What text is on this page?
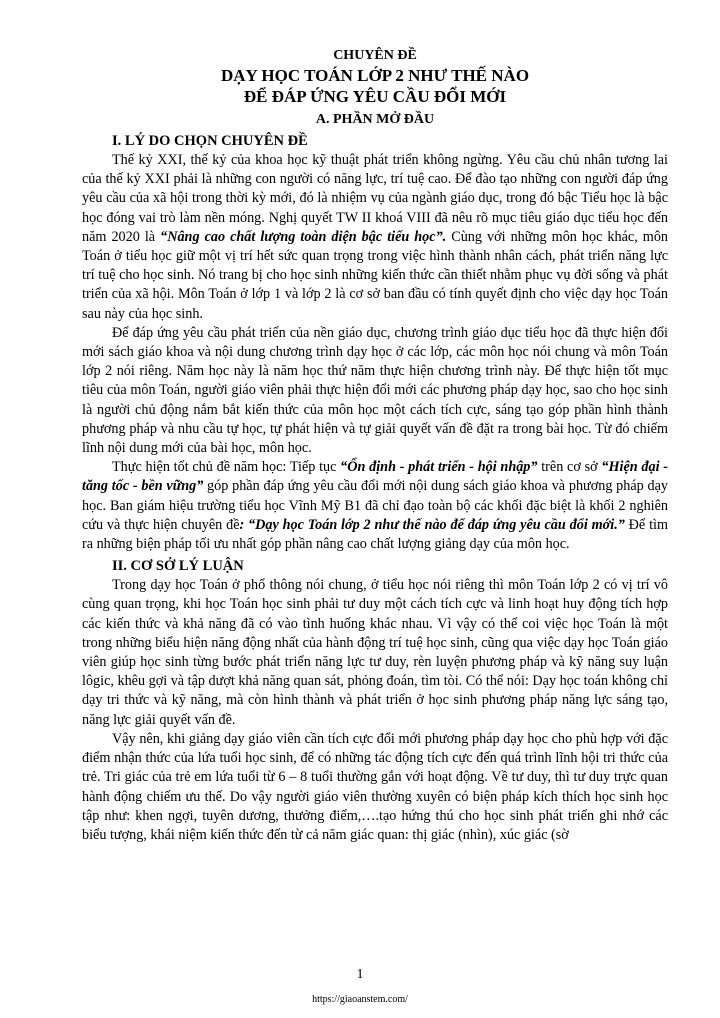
CHUYÊN ĐỀ
DẠY HỌC TOÁN LỚP 2 NHƯ THẾ NÀO
ĐỂ ĐÁP ỨNG YÊU CẦU ĐỔI MỚI
A. PHẦN MỞ ĐẦU
I. LÝ DO CHỌN CHUYÊN ĐỀ

Thế kỷ XXI, thế kỷ của khoa học kỹ thuật phát triển không ngừng. Yêu cầu chủ nhân tương lai của thế kỷ XXI phải là những con người có năng lực, trí tuệ cao. Để đào tạo những con người đáp ứng yêu cầu của xã hội trong thời kỳ mới, đó là nhiệm vụ của ngành giáo dục, trong đó bậc Tiểu học là bậc học đóng vai trò làm nền móng. Nghị quyết TW II khoá VIII đã nêu rõ mục tiêu giáo dục tiểu học đến năm 2020 là “Nâng cao chất lượng toàn diện bậc tiểu học”. Cùng với những môn học khác, môn Toán ở tiểu học giữ một vị trí hết sức quan trọng trong việc hình thành nhân cách, phát triển năng lực trí tuệ cho học sinh. Nó trang bị cho học sinh những kiến thức cần thiết nhằm phục vụ đời sống và phát triển của xã hội. Môn Toán ở lớp 1 và lớp 2 là cơ sở ban đầu có tính quyết định cho việc dạy học Toán sau này của học sinh.

Để đáp ứng yêu cầu phát triển của nền giáo dục, chương trình giáo dục tiểu học đã thực hiện đổi mới sách giáo khoa và nội dung chương trình dạy học ở các lớp, các môn học nói chung và môn Toán lớp 2 nói riêng. Năm học này là năm học thứ năm thực hiện chương trình này. Để thực hiện tốt mục tiêu của môn Toán, người giáo viên phải thực hiện đổi mới các phương pháp dạy học, sao cho học sinh là người chủ động nắm bắt kiến thức của môn học một cách tích cực, sáng tạo góp phần hình thành phương pháp và nhu cầu tự học, tự phát hiện và tự giải quyết vấn đề đặt ra trong bài học. Từ đó chiếm lĩnh nội dung mới của bài học, môn học.

Thực hiện tốt chủ đề năm học: Tiếp tục “Ổn định - phát triển - hội nhập” trên cơ sở “Hiện đại - tăng tốc - bền vững” góp phần đáp ứng yêu cầu đổi mới nội dung sách giáo khoa và phương pháp dạy học. Ban giám hiệu trường tiểu học Vĩnh Mỹ B1 đã chỉ đạo toàn bộ các khối đặc biệt là khối 2 nghiên cứu và thực hiện chuyên đề: “Dạy học Toán lớp 2 như thế nào để đáp ứng yêu cầu đổi mới.” Để tìm ra những biện pháp tối ưu nhất góp phần nâng cao chất lượng giảng dạy của môn học.

II. CƠ SỞ LÝ LUẬN

Trong dạy học Toán ở phổ thông nói chung, ở tiểu học nói riêng thì môn Toán lớp 2 có vị trí vô cùng quan trọng, khi học Toán học sinh phải tư duy một cách tích cực và linh hoạt huy động tích hợp các kiến thức và khả năng đã có vào tình huống khác nhau. Vì vậy có thể coi việc học Toán là một trong những biểu hiện năng động nhất của hành động trí tuệ học sinh, cũng qua việc dạy học Toán giáo viên giúp học sinh từng bước phát triển năng lực tư duy, rèn luyện phương pháp và kỹ năng suy luận lôgic, khêu gợi và tập dượt khả năng quan sát, phỏng đoán, tìm tòi. Có thể nói: Dạy học toán không chỉ dạy tri thức và kỹ năng, mà còn hình thành và phát triển ở học sinh phương pháp năng lực sáng tạo, năng lực giải quyết vấn đề.

Vậy nên, khi giảng dạy giáo viên cần tích cực đổi mới phương pháp dạy học cho phù hợp với đặc điểm nhận thức của lứa tuổi học sinh, để có những tác động tích cực đến quá trình lĩnh hội tri thức của trẻ. Tri giác của trẻ em lứa tuổi từ 6 – 8 tuổi thường gắn với hoạt động. Về tư duy, thì tư duy trực quan hành động chiếm ưu thế. Do vậy người giáo viên thường xuyên có biện pháp kích thích học sinh học tập như: khen ngợi, tuyên dương, thưởng điểm,….tạo hứng thú cho học sinh phát triển ghi nhớ các biểu tượng, khái niệm kiến thức đến từ cả năm giác quan: thị giác (nhìn), xúc giác (sờ

1
https://giaoanstem.com/
